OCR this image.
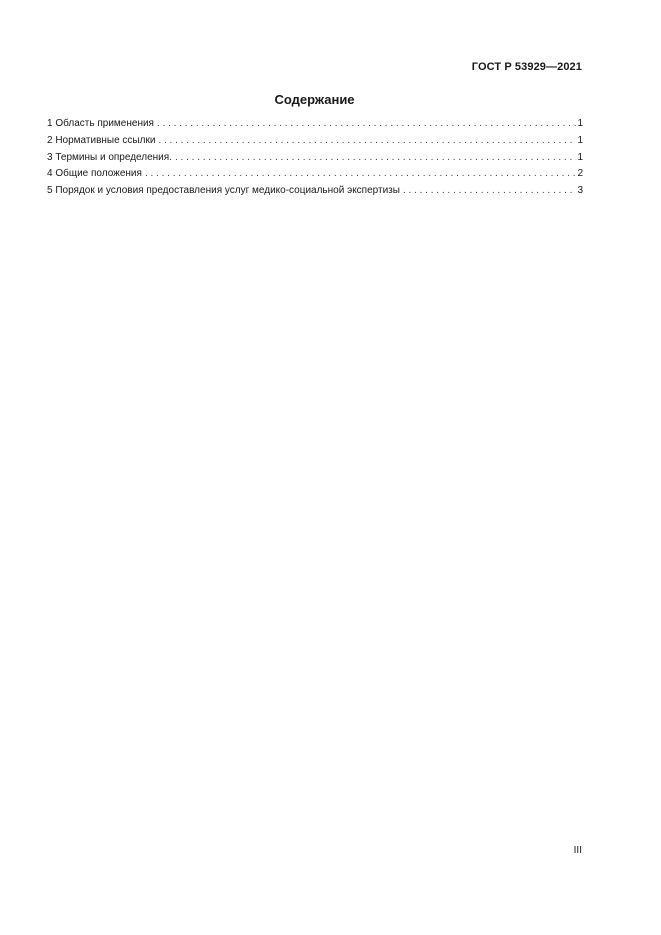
ГОСТ Р 53929—2021
Содержание
1 Область применения . . .	1
2 Нормативные ссылки . . .	1
3 Термины и определения. . . .	1
4 Общие положения . . .	2
5 Порядок и условия предоставления услуг медико-социальной экспертизы . . .	3
III
